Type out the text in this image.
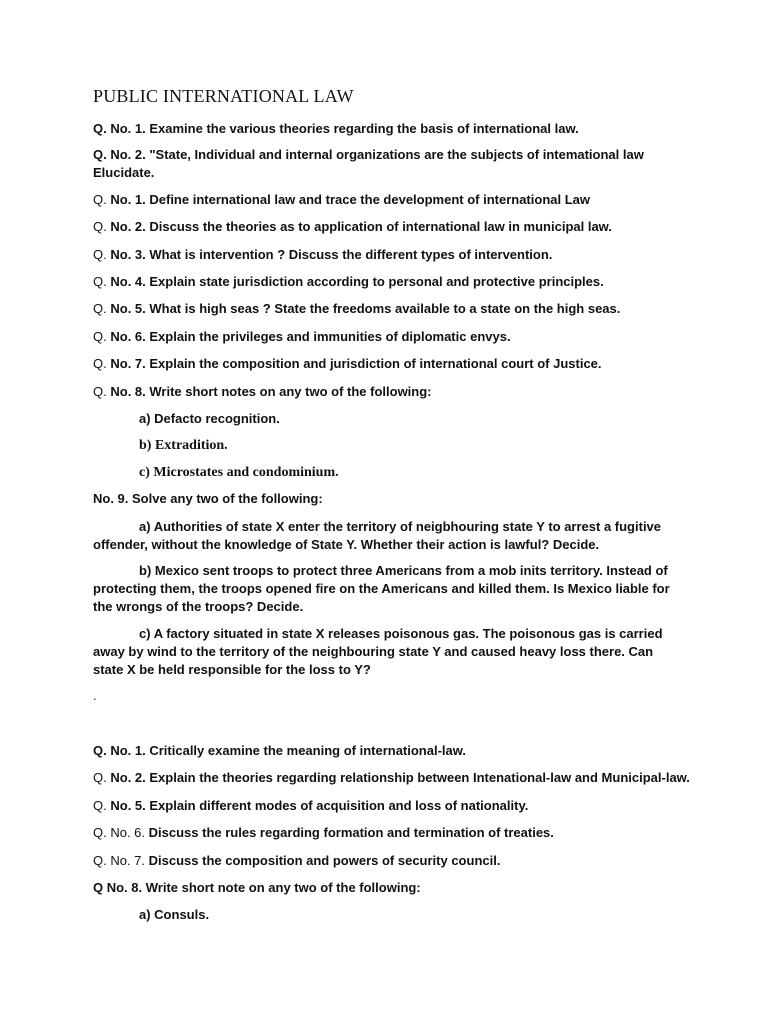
PUBLIC INTERNATIONAL LAW
Q. No. 1. Examine the various theories regarding the basis of international law.
Q. No. 2. "State, Individual and internal organizations are the subjects of intemational law Elucidate.
Q. No. 1. Define international law and trace the development of international Law
Q. No. 2. Discuss the theories as to application of international law in municipal law.
Q. No. 3. What is intervention ? Discuss the different types of intervention.
Q. No. 4. Explain state jurisdiction according to personal and protective principles.
Q. No. 5. What is high seas ? State the freedoms available to a state on the high seas.
Q. No. 6. Explain the privileges and immunities of diplomatic envys.
Q. No. 7. Explain the composition and jurisdiction of international court of Justice.
Q. No. 8. Write short notes on any two of the following:
a) Defacto recognition.
b) Extradition.
c) Microstates and condominium.
No. 9. Solve any two of the following:
a) Authorities of state X enter the territory of neigbhouring state Y to arrest a fugitive offender, without the knowledge of State Y. Whether their action is lawful? Decide.
b) Mexico sent troops to protect three Americans from a mob inits territory. Instead of protecting them, the troops opened fire on the Americans and killed them. Is Mexico liable for the wrongs of the troops? Decide.
c) A factory situated in state X releases poisonous gas. The poisonous gas is carried away by wind to the territory of the neighbouring state Y and caused heavy loss there. Can state X be held responsible for the loss to Y?
.
Q. No. 1. Critically examine the meaning of international-law.
Q. No. 2. Explain the theories regarding relationship between Intenational-law and Municipal-law.
Q. No. 5. Explain different modes of acquisition and loss of nationality.
Q. No. 6. Discuss the rules regarding formation and termination of treaties.
Q. No. 7. Discuss the composition and powers of security council.
Q No. 8. Write short note on any two of the following:
a) Consuls.
